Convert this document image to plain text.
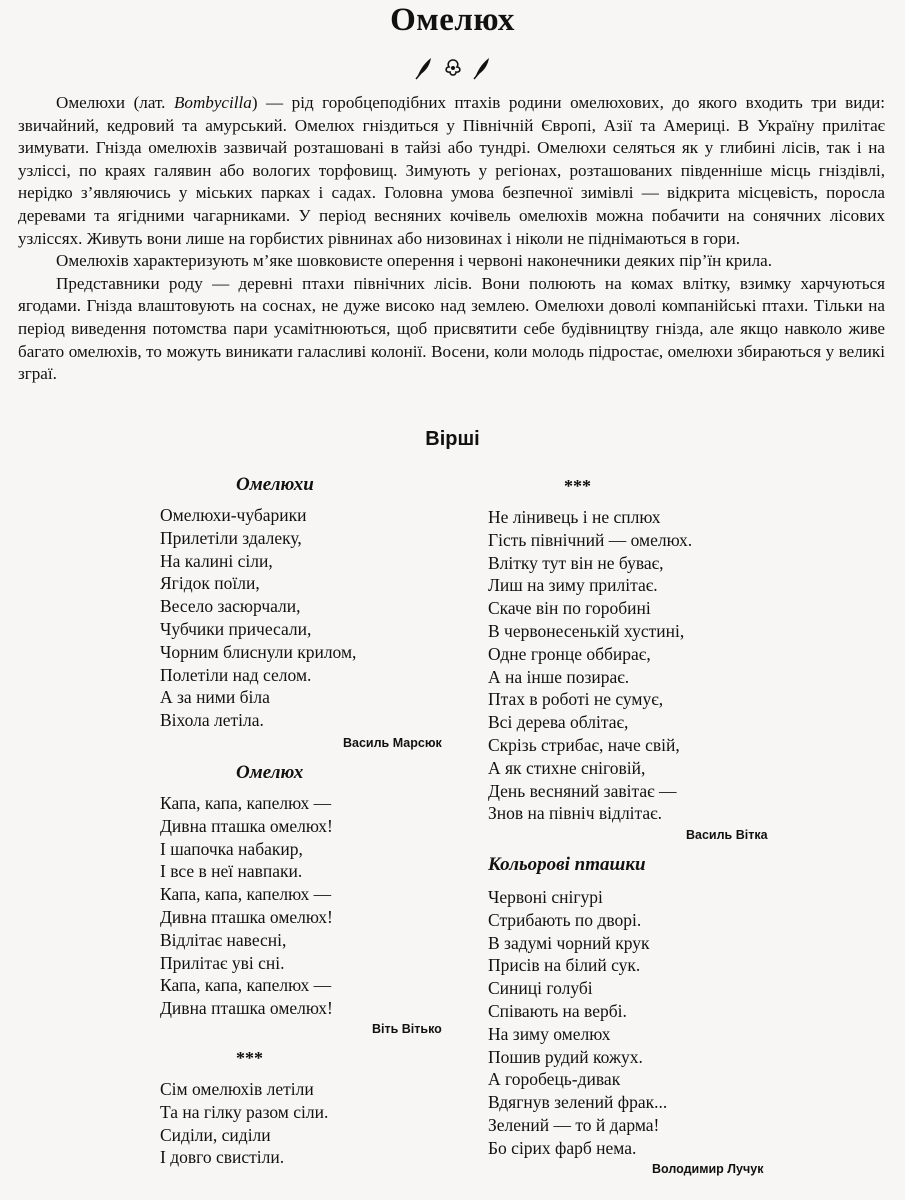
Омелюх

Омелюхи (лат. Bombycilla) — рід горобцеподібних птахів родини омелюхових, до якого входить три види: звичайний, кедровий та амурський. Омелюх гніздиться у Північній Європі, Азії та Америці. В Україну прилітає зимувати. Гнізда омелюхів зазвичай розташовані в тайзі або тундрі. Омелюхи селяться як у глибині лісів, так і на узліссі, по краях галявин або вологих торфовищ. Зимують у регіонах, розташованих південніше місць гніздівлі, нерідко з’являючись у міських парках і садах. Головна умова безпечної зимівлі — відкрита місцевість, поросла деревами та ягідними чагарниками. У період весняних кочівель омелюхів можна побачити на сонячних лісових узліссях. Живуть вони лише на горбистих рівнинах або низовинах і ніколи не піднімаються в гори.

Омелюхів характеризують м’яке шовковисте оперення і червоні наконечники деяких пір’їн крила.

Представники роду — деревні птахи північних лісів. Вони полюють на комах влітку, взимку харчуються ягодами. Гнізда влаштовують на соснах, не дуже високо над землею. Омелюхи доволі компанійські птахи. Тільки на період виведення потомства пари усамітнюються, щоб присвятити себе будівництву гнізда, але якщо навколо живе багато омелюхів, то можуть виникати галасливі колонії. Восени, коли молодь підростає, омелюхи збираються у великі зграї.

Вірші
Омелюхи
Омелюхи-чубарики
Прилетіли здалеку,
На калині сіли,
Ягідок поїли,
Весело засюрчали,
Чубчики причесали,
Чорним блиснули крилом,
Полетіли над селом.
А за ними біла
Віхола летіла.
Василь Марсюк
Омелюх
Капа, капа, капелюх —
Дивна пташка омелюх!
І шапочка набакир,
І все в неї навпаки.
Капа, капа, капелюх —
Дивна пташка омелюх!
Відлітає навесні,
Прилітає уві сні.
Капа, капа, капелюх —
Дивна пташка омелюх!
Віть Вітько
***
Сім омелюхів летіли
Та на гілку разом сіли.
Сиділи, сиділи
І довго свистіли.
***
Не лінивець і не сплюх
Гість північний — омелюх.
Влітку тут він не буває,
Лиш на зиму прилітає.
Скаче він по горобині
В червонесенькій хустині,
Одне гронце оббирає,
А на інше позирає.
Птах в роботі не сумує,
Всі дерева облітає,
Скрізь стрибає, наче свій,
А як стихне сніговій,
День весняний завітає —
Знов на північ відлітає.
Василь Вітка
Кольорові пташки
Червоні снігурі
Стрибають по дворі.
В задумі чорний крук
Присів на білий сук.
Синиці голубі
Співають на вербі.
На зиму омелюх
Пошив рудий кожух.
А горобець-дивак
Вдягнув зелений фрак...
Зелений — то й дарма!
Бо сірих фарб нема.
Володимир Лучук
